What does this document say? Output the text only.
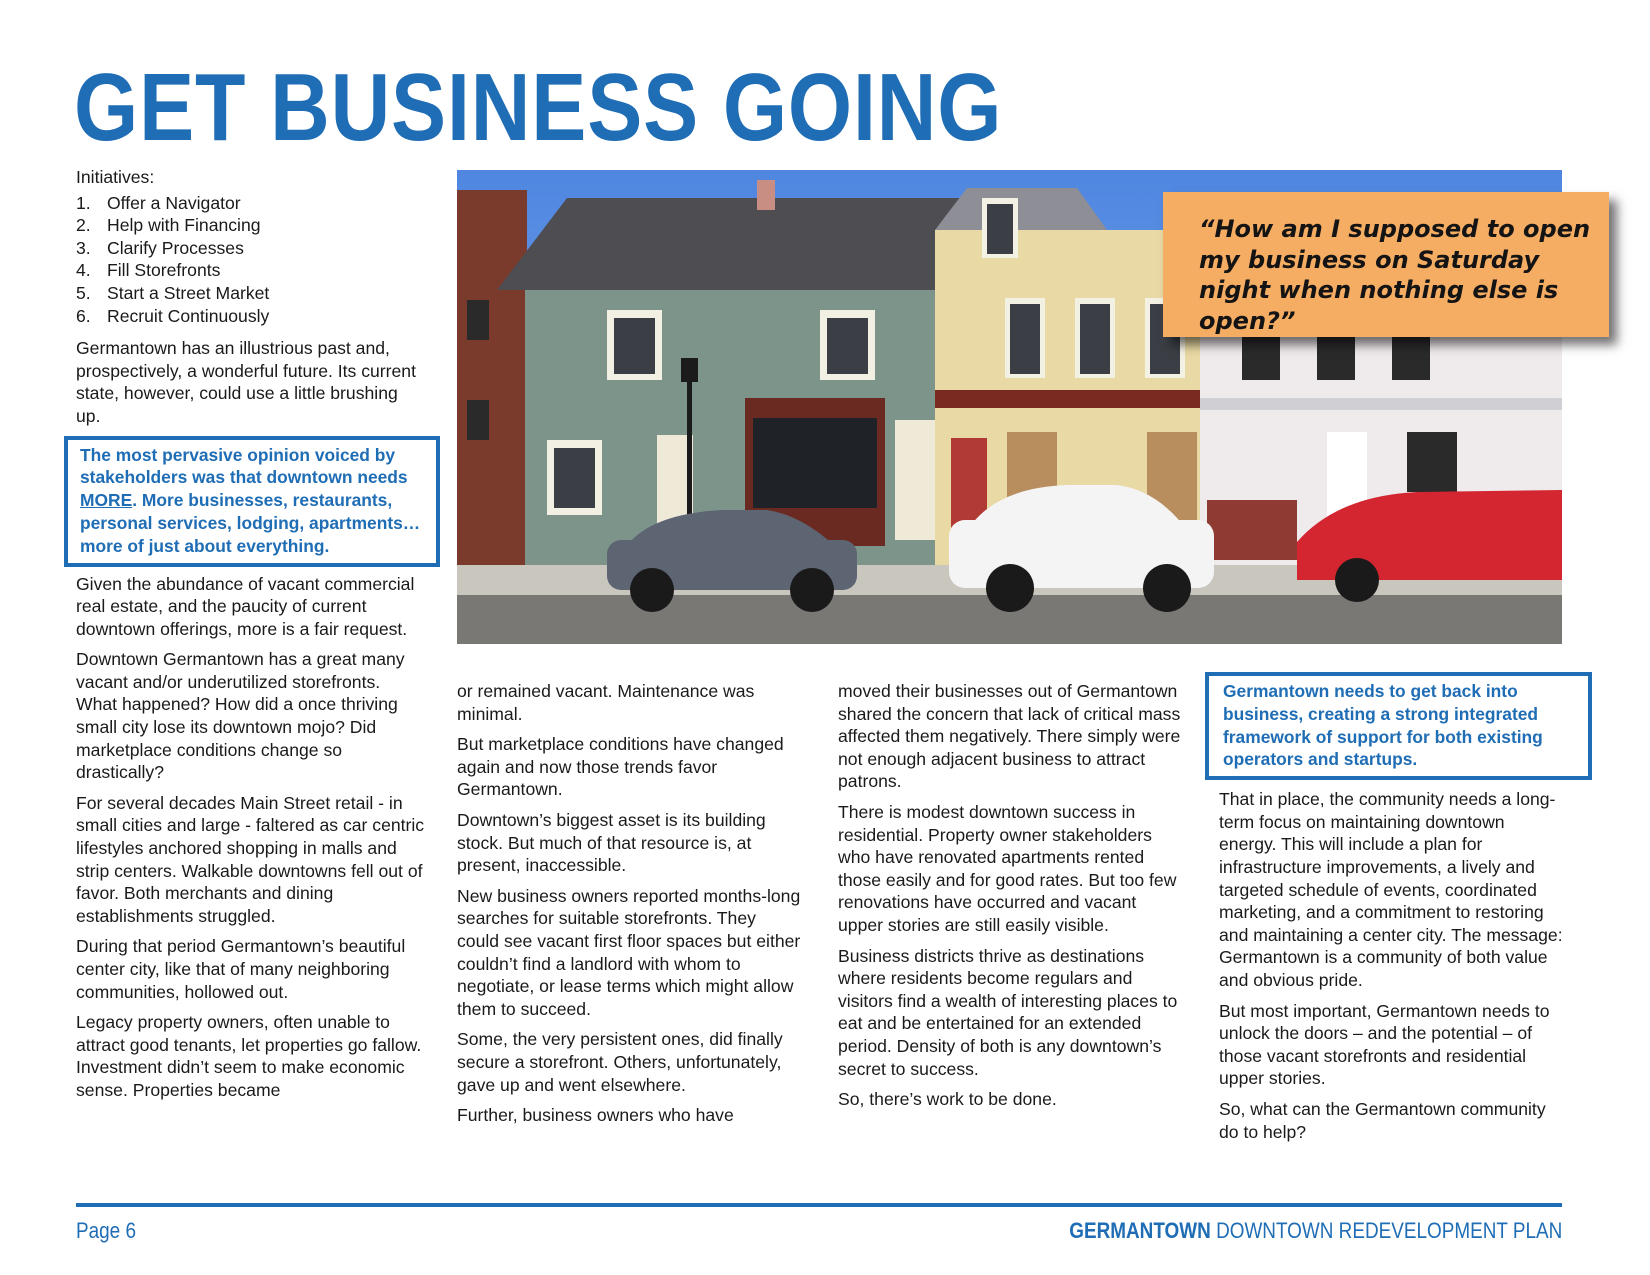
GET BUSINESS GOING
Initiatives:
1. Offer a Navigator
2. Help with Financing
3. Clarify Processes
4. Fill Storefronts
5. Start a Street Market
6. Recruit Continuously

Germantown has an illustrious past and, prospectively, a wonderful future. Its current state, however, could use a little brushing up.

The most pervasive opinion voiced by stakeholders was that downtown needs MORE. More businesses, restaurants, personal services, lodging, apartments… more of just about everything.

Given the abundance of vacant commercial real estate, and the paucity of current downtown offerings, more is a fair request.

Downtown Germantown has a great many vacant and/or underutilized storefronts. What happened? How did a once thriving small city lose its downtown mojo? Did marketplace conditions change so drastically?

For several decades Main Street retail - in small cities and large - faltered as car centric lifestyles anchored shopping in malls and strip centers. Walkable downtowns fell out of favor. Both merchants and dining establishments struggled.

During that period Germantown’s beautiful center city, like that of many neighboring communities, hollowed out.

Legacy property owners, often unable to attract good tenants, let properties go fallow. Investment didn’t seem to make economic sense. Properties became

“How am I supposed to open my business on Saturday night when nothing else is open?”

or remained vacant. Maintenance was minimal.

But marketplace conditions have changed again and now those trends favor Germantown.

Downtown’s biggest asset is its building stock. But much of that resource is, at present, inaccessible.

New business owners reported months-long searches for suitable storefronts. They could see vacant first floor spaces but either couldn’t find a landlord with whom to negotiate, or lease terms which might allow them to succeed.

Some, the very persistent ones, did finally secure a storefront. Others, unfortunately, gave up and went elsewhere.

Further, business owners who have

moved their businesses out of Germantown shared the concern that lack of critical mass affected them negatively. There simply were not enough adjacent business to attract patrons.

There is modest downtown success in residential. Property owner stakeholders who have renovated apartments rented those easily and for good rates. But too few renovations have occurred and vacant upper stories are still easily visible.

Business districts thrive as destinations where residents become regulars and visitors find a wealth of interesting places to eat and be entertained for an extended period. Density of both is any downtown’s secret to success.

So, there’s work to be done.

Germantown needs to get back into business, creating a strong integrated framework of support for both existing operators and startups.

That in place, the community needs a long-term focus on maintaining downtown energy. This will include a plan for infrastructure improvements, a lively and targeted schedule of events, coordinated marketing, and a commitment to restoring and maintaining a center city. The message: Germantown is a community of both value and obvious pride.

But most important, Germantown needs to unlock the doors – and the potential – of those vacant storefronts and residential upper stories.

So, what can the Germantown community do to help?

Page 6	GERMANTOWN DOWNTOWN REDEVELOPMENT PLAN
